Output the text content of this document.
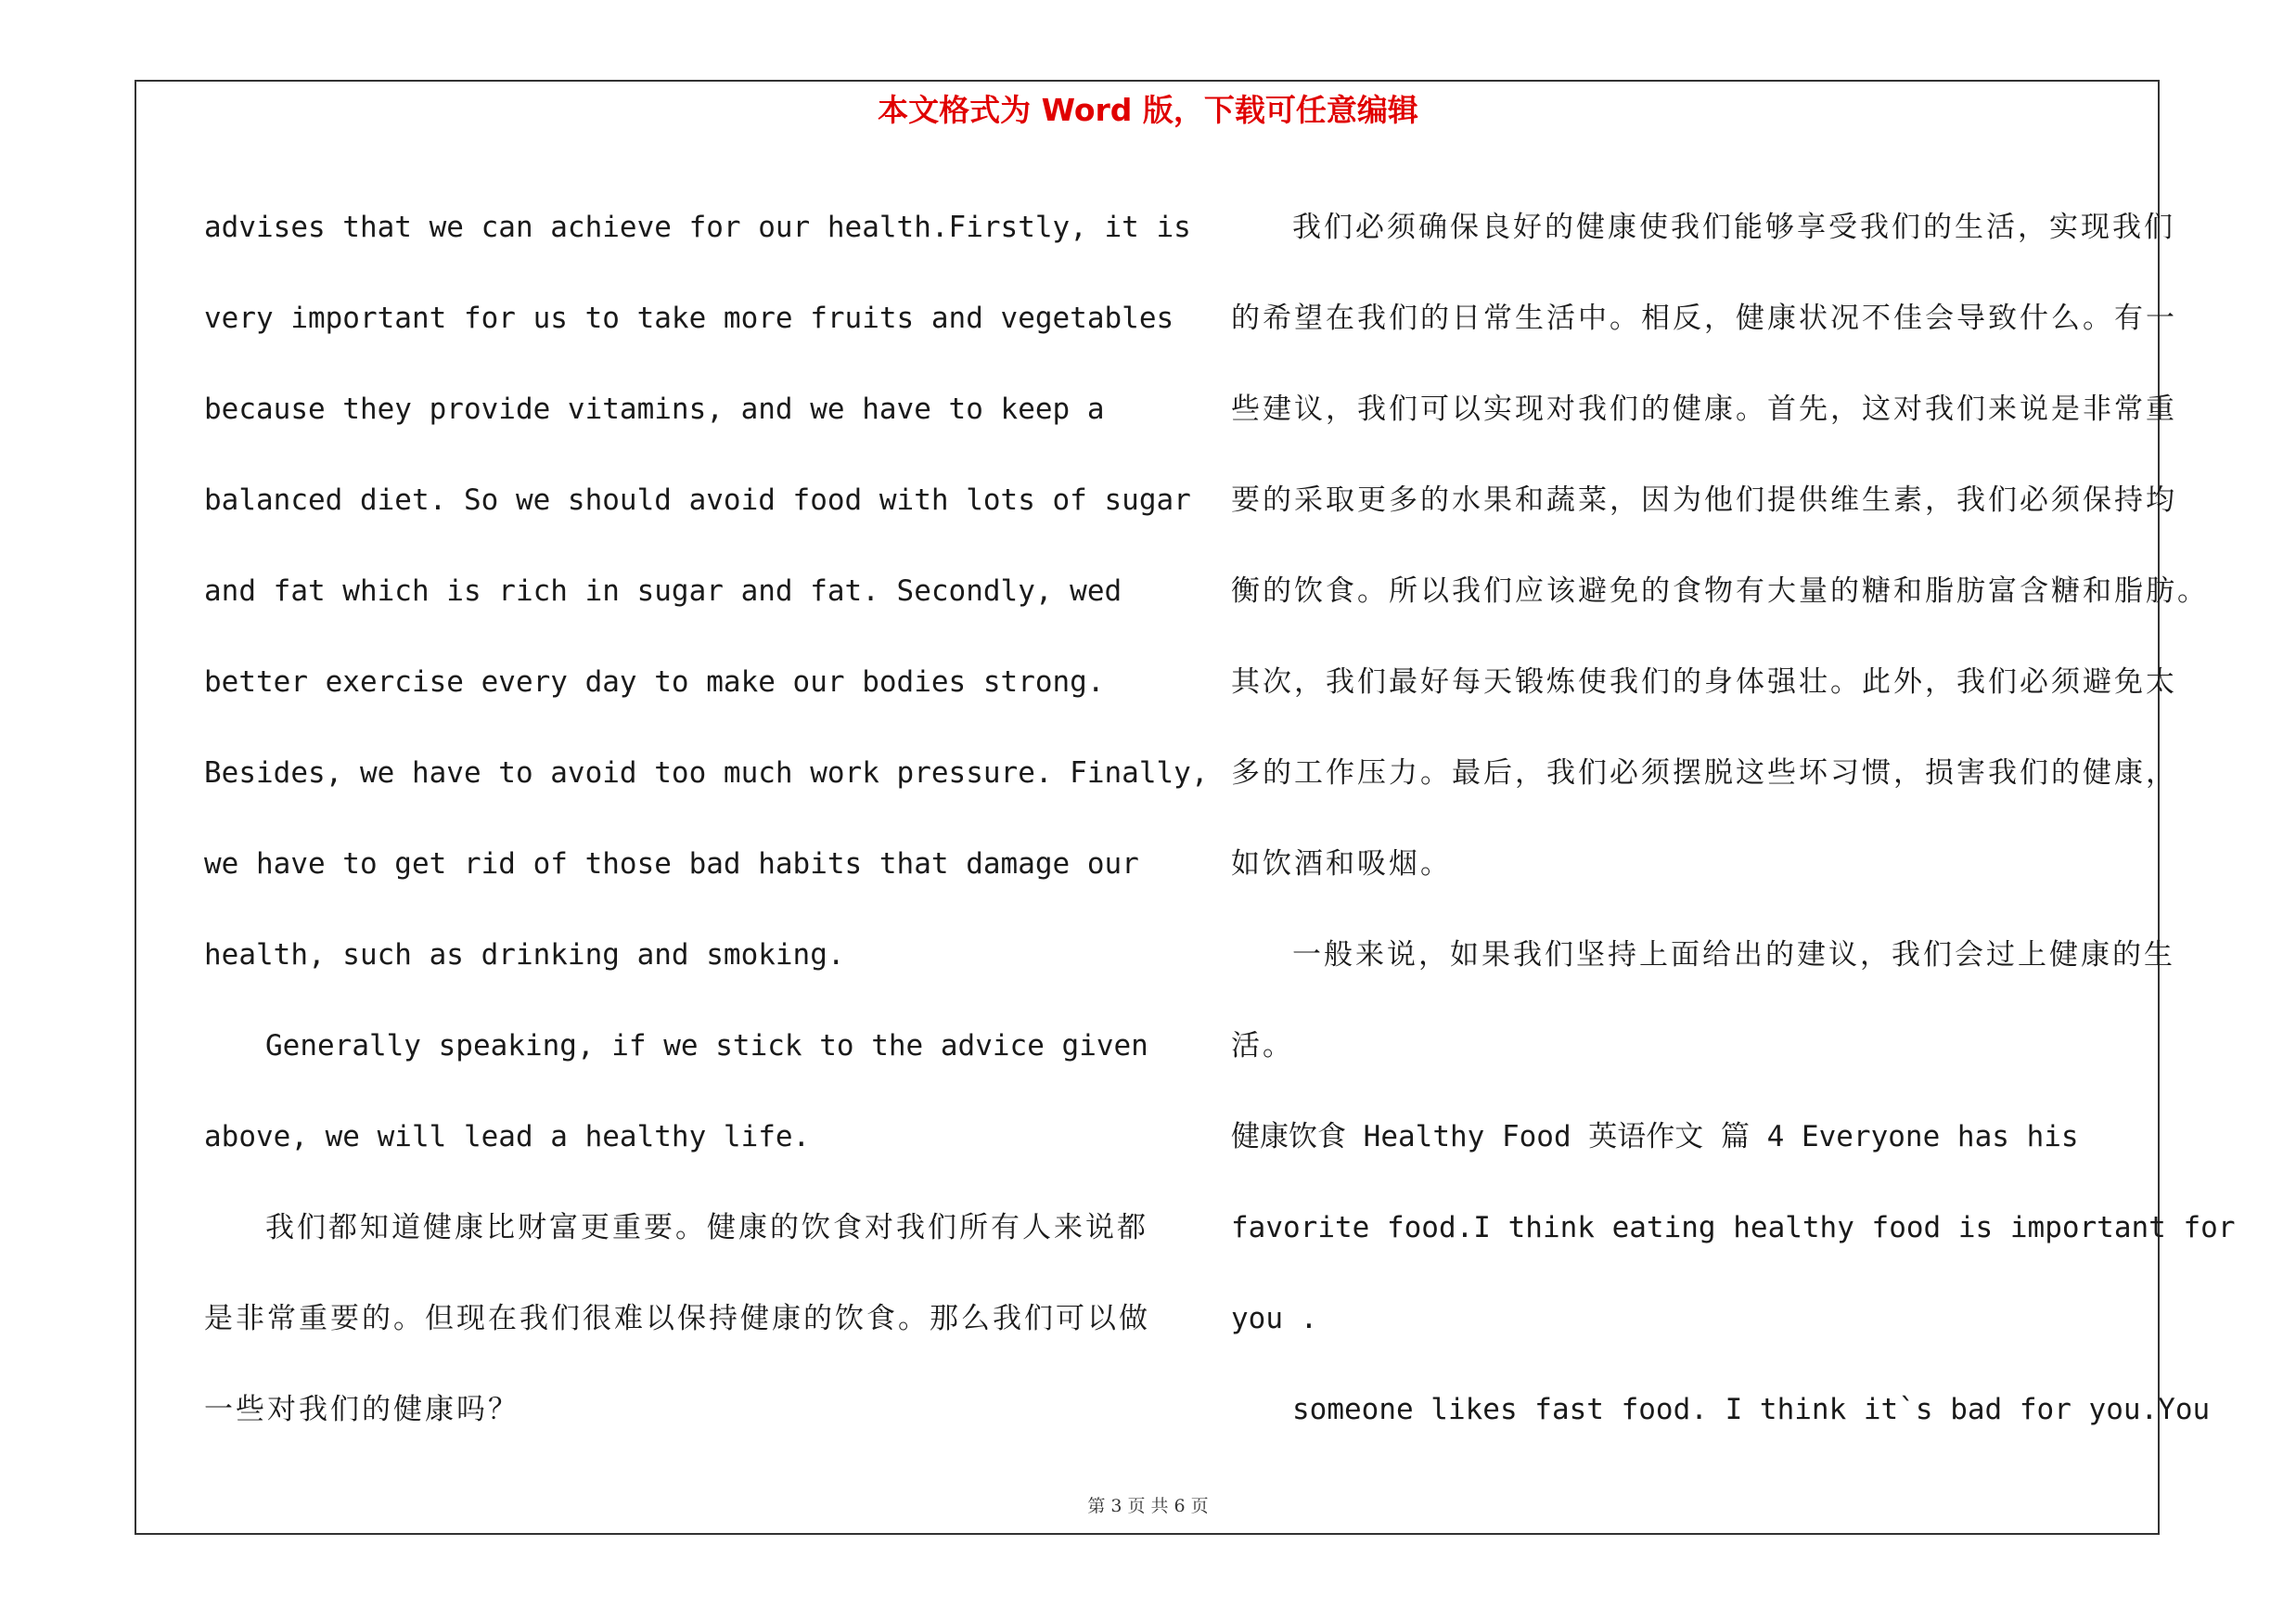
本文格式为 Word 版，下载可任意编辑
advises that we can achieve for our health.Firstly, it is
very important for us to take more fruits and vegetables
because they provide vitamins, and we have to keep a
balanced diet. So we should avoid food with lots of sugar
and fat which is rich in sugar and fat. Secondly, wed
better exercise every day to make our bodies strong.
Besides, we have to avoid too much work pressure. Finally,
we have to get rid of those bad habits that damage our
health, such as drinking and smoking.
Generally speaking, if we stick to the advice given
above, we will lead a healthy life.
我们都知道健康比财富更重要。健康的饮食对我们所有人来说都
是非常重要的。但现在我们很难以保持健康的饮食。那么我们可以做
一些对我们的健康吗？
我们必须确保良好的健康使我们能够享受我们的生活，实现我们
的希望在我们的日常生活中。相反，健康状况不佳会导致什么。有一
些建议，我们可以实现对我们的健康。首先，这对我们来说是非常重
要的采取更多的水果和蔬菜，因为他们提供维生素，我们必须保持均
衡的饮食。所以我们应该避免的食物有大量的糖和脂肪富含糖和脂肪。
其次，我们最好每天锻炼使我们的身体强壮。此外，我们必须避免太
多的工作压力。最后，我们必须摆脱这些坏习惯，损害我们的健康，
如饮酒和吸烟。
一般来说，如果我们坚持上面给出的建议，我们会过上健康的生
活。
健康饮食 Healthy Food 英语作文 篇 4 Everyone has his
favorite food.I think eating healthy food is important for
you .
someone likes fast food. I think it`s bad for you.You
第 3 页 共 6 页
